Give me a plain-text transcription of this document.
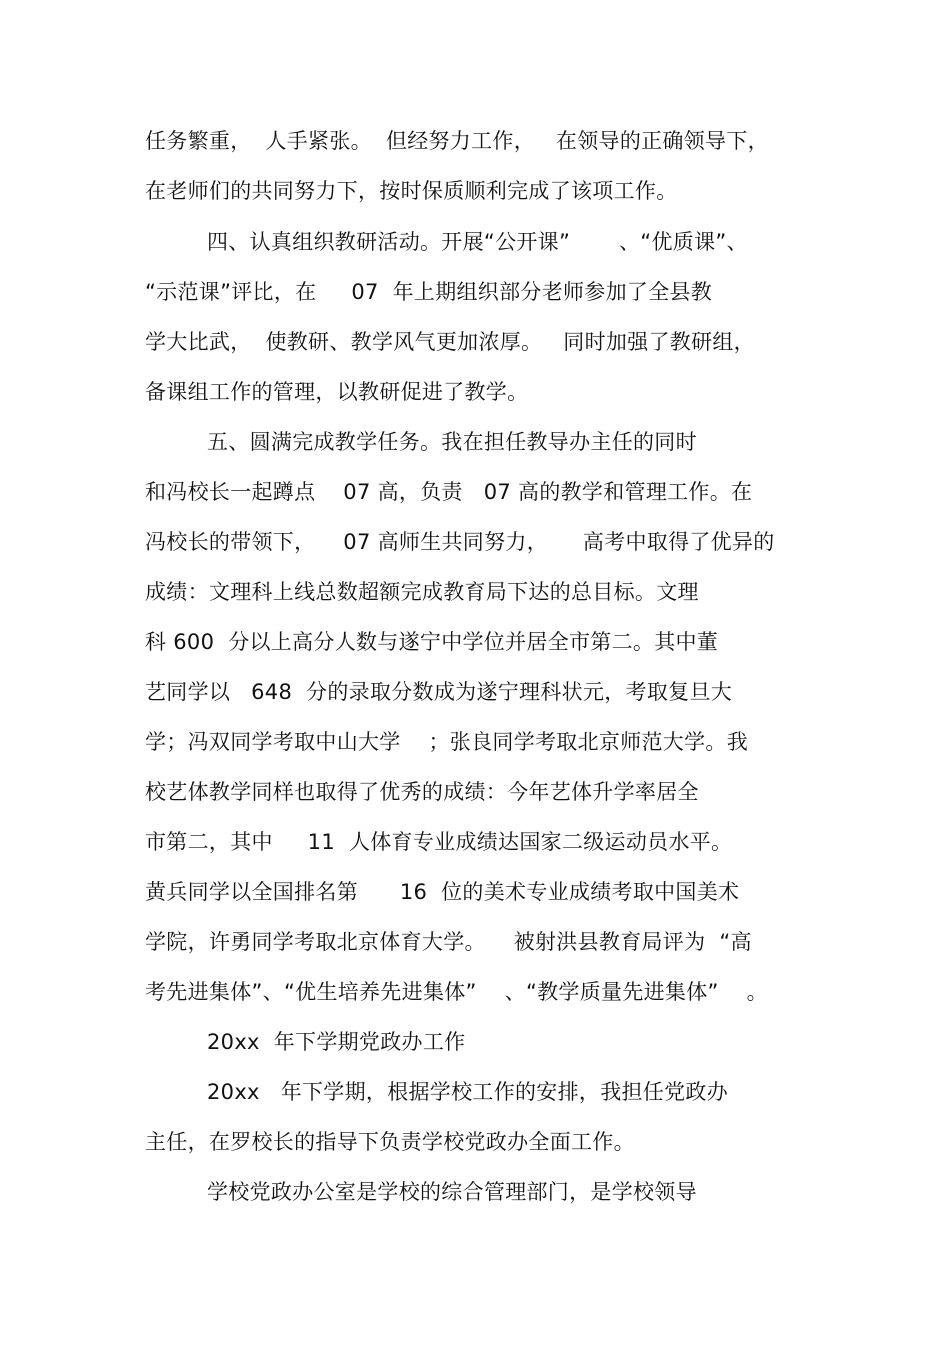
任务繁重，  人手紧张。  但经努力工作，   在领导的正确领导下，
在老师们的共同努力下，按时保质顺利完成了该项工作。
四、认真组织教研活动。开展“公开课”       、“优质课”、
“示范课”评比，在     07  年上期组织部分老师参加了全县教
学大比武，  使教研、教学风气更加浓厚。   同时加强了教研组，
备课组工作的管理，以教研促进了教学。
五、圆满完成教学任务。我在担任教导办主任的同时
和冯校长一起蹲点    07 高，负责   07 高的教学和管理工作。在
冯校长的带领下，    07 高师生共同努力，     高考中取得了优异的
成绩：文理科上线总数超额完成教育局下达的总目标。文理
科 600  分以上高分人数与遂宁中学位并居全市第二。其中董
艺同学以   648  分的录取分数成为遂宁理科状元，考取复旦大
学；冯双同学考取中山大学    ；张良同学考取北京师范大学。我
校艺体教学同样也取得了优秀的成绩：今年艺体升学率居全
市第二，其中     11  人体育专业成绩达国家二级运动员水平。
黄兵同学以全国排名第      16  位的美术专业成绩考取中国美术
学院，许勇同学考取北京体育大学。    被射洪县教育局评为  “高
考先进集体”、“优生培养先进集体”    、“教学质量先进集体”    。
20xx  年下学期党政办工作
20xx   年下学期，根据学校工作的安排，我担任党政办
主任，在罗校长的指导下负责学校党政办全面工作。
学校党政办公室是学校的综合管理部门，是学校领导
